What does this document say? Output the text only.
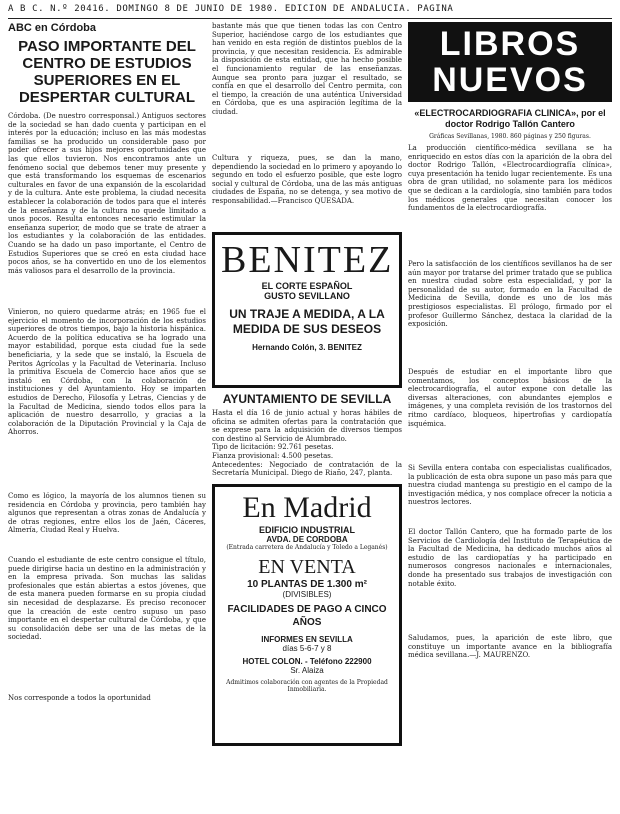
A B C. N.º 20416. DOMINGO 8 DE JUNIO DE 1980. EDICION DE ANDALUCIA. PAGINA
ABC en Córdoba
PASO IMPORTANTE DEL CENTRO DE ESTUDIOS SUPERIORES EN EL DESPERTAR CULTURAL
Córdoba. (De nuestro corresponsal.) Antiguos sectores de la sociedad se han dado cuenta y participan en el interés por la educación; incluso en las más modestas familias se ha producido un considerable paso por poder ofrecer a sus hijos mejores oportunidades que las que ellos tuvieron. Nos encontramos ante un fenómeno social que debemos tener muy presente y que está transformando los esquemas de escenarios culturales en favor de una expansión de la escolaridad y de la cultura. Ante este problema, la ciudad necesita establecer la colaboración de todos para que el interés de la enseñanza y de la cultura no quede limitado a unos pocos. Resulta entonces necesario estimular la enseñanza superior, de modo que se trate de atraer a los estudiantes y la colaboración de las entidades. Cuando se ha dado un paso importante, el Centro de Estudios Superiores que se creó en esta ciudad hace pocos años, se ha convertido en uno de los elementos más valiosos para el desarrollo de la provincia.
Vinieron, no quiero quedarme atrás; en 1965 fue el ejercicio el momento de incorporación de los estudios superiores de otros tiempos, bajo la historia hispánica. Acuerdo de la política educativa se ha logrado una mayor estabilidad, porque esta ciudad fue la sede beneficiaria, y la sede que se instaló, la Escuela de Peritos Agrícolas y la Facultad de Veterinaria. Incluso la primitiva Escuela de Comercio hace años que se instaló en Córdoba, con la colaboración de instituciones y del Ayuntamiento. Hoy se imparten estudios de Derecho, Filosofía y Letras, Ciencias y de la Facultad de Medicina, siendo todos ellos para la aplicación de nuestro desarrollo, y gracias a la colaboración de la Diputación Provincial y la Caja de Ahorros.
Como es lógico, la mayoría de los alumnos tienen su residencia en Córdoba y provincia, pero también hay algunos que representan a otras zonas de Andalucía y de otras regiones, entre ellos los de Jaén, Cáceres, Almería, Ciudad Real y Huelva.
Cuando el estudiante de este centro consigue el título, puede dirigirse hacia un destino en la administración y en la empresa privada. Son muchas las salidas profesionales que están abiertas a estos jóvenes, que de esta manera pueden formarse en su propia ciudad sin necesidad de desplazarse. Es preciso reconocer que la creación de este centro supuso un paso importante en el despertar cultural de Córdoba, y que su consolidación debe ser una de las metas de la sociedad.
Nos corresponde a todos la oportunidad
bastante más que que tienen todas las con Centro Superior, haciéndose cargo de los estudiantes que han venido en esta región de distintos pueblos de la provincia, y que necesitan residencia. Es admirable la disposición de esta entidad, que ha hecho posible el funcionamiento regular de las enseñanzas. Aunque sea pronto para juzgar el resultado, se confía en que el desarrollo del Centro permita, con el tiempo, la creación de una auténtica Universidad en Córdoba, que es una aspiración legítima de la ciudad.
Cultura y riqueza, pues, se dan la mano, dependiendo la sociedad en lo primero y apoyando lo segundo en todo el esfuerzo posible, que este logro social y cultural de Córdoba, una de las más antiguas ciudades de España, no se detenga, y sea motivo de responsabilidad.—Francisco QUESADA.
BENITEZ
EL CORTE ESPAÑOL
GUSTO SEVILLANO
UN TRAJE A MEDIDA, A LA MEDIDA DE SUS DESEOS
Hernando Colón, 3. BENITEZ
AYUNTAMIENTO DE SEVILLA
Hasta el día 16 de junio actual y horas hábiles de oficina se admiten ofertas para la contratación que se exprese para la adquisición de diversos tiempos con destino al Servicio de Alumbrado.
Tipo de licitación: 92.761 pesetas.
Fianza provisional: 4.500 pesetas.
Antecedentes: Negociado de contratación de la Secretaría Municipal. Diego de Riaño, 247, planta.
En Madrid
EDIFICIO INDUSTRIAL
AVDA. DE CORDOBA
(Entrada carretera de Andalucía y Toledo a Leganés)
EN VENTA
10 PLANTAS DE 1.300 m²
(DIVISIBLES)
FACILIDADES DE PAGO A CINCO AÑOS
INFORMES EN SEVILLA
días 5-6-7 y 8
HOTEL COLON. - Teléfono 222900
Sr. Alaiza
Admitimos colaboración con agentes de la Propiedad Inmobiliaria.
LIBROS
NUEVOS
«ELECTROCARDIOGRAFIA CLINICA», por el doctor Rodrigo Tallón Cantero
Gráficas Sevillanas, 1980. 860 páginas y 250 figuras.
La producción científico-médica sevillana se ha enriquecido en estos días con la aparición de la obra del doctor Rodrigo Tallón, «Electrocardiografía clínica», cuya presentación ha tenido lugar recientemente. Es una obra de gran utilidad, no solamente para los médicos que se dedican a la cardiología, sino también para todos los médicos generales que necesitan conocer los fundamentos de la electrocardiografía.
Pero la satisfacción de los científicos sevillanos ha de ser aún mayor por tratarse del primer tratado que se publica en nuestra ciudad sobre esta especialidad, y por la personalidad de su autor, formado en la Facultad de Medicina de Sevilla, donde es uno de los más prestigiosos especialistas. El prólogo, firmado por el profesor Guillermo Sánchez, destaca la claridad de la exposición.
Después de estudiar en el importante libro que comentamos, los conceptos básicos de la electrocardiografía, el autor expone con detalle las diversas alteraciones, con abundantes ejemplos e imágenes, y una completa revisión de los trastornos del ritmo cardíaco, bloqueos, hipertrofias y cardiopatía isquémica.
Si Sevilla entera contaba con especialistas cualificados, la publicación de esta obra supone un paso más para que nuestra ciudad mantenga su prestigio en el campo de la investigación médica, y nos complace ofrecer la noticia a nuestros lectores.
El doctor Tallón Cantero, que ha formado parte de los Servicios de Cardiología del Instituto de Terapéutica de la Facultad de Medicina, ha dedicado muchos años al estudio de las cardiopatías y ha participado en numerosos congresos nacionales e internacionales, donde ha presentado sus trabajos de investigación con notable éxito.
Saludamos, pues, la aparición de este libro, que constituye un importante avance en la bibliografía médica sevillana.—J. MAURENZO.
